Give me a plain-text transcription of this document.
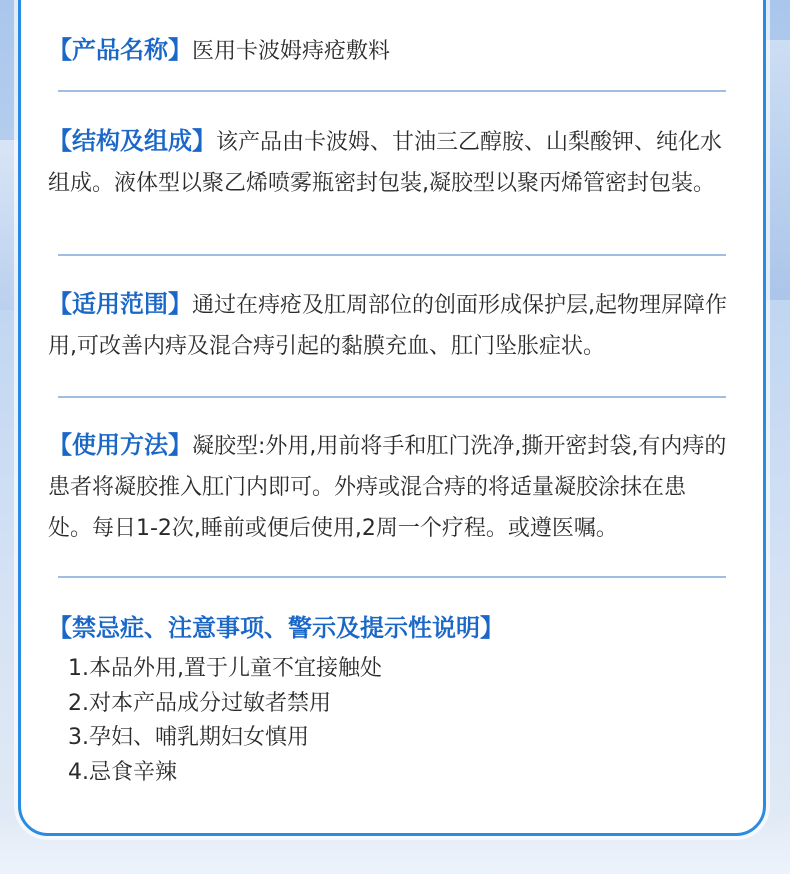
【产品名称】医用卡波姆痔疮敷料
【结构及组成】该产品由卡波姆、甘油三乙醇胺、山梨酸钾、纯化水组成。液体型以聚乙烯喷雾瓶密封包装,凝胶型以聚丙烯管密封包装。
【适用范围】通过在痔疮及肛周部位的创面形成保护层,起物理屏障作用,可改善内痔及混合痔引起的黏膜充血、肛门坠胀症状。
【使用方法】凝胶型:外用,用前将手和肛门洗净,撕开密封袋,有内痔的患者将凝胶推入肛门内即可。外痔或混合痔的将适量凝胶涂抹在患处。每日1-2次,睡前或便后使用,2周一个疗程。或遵医嘱。
【禁忌症、注意事项、警示及提示性说明】
1.本品外用,置于儿童不宜接触处
2.对本产品成分过敏者禁用
3.孕妇、哺乳期妇女慎用
4.忌食辛辣
